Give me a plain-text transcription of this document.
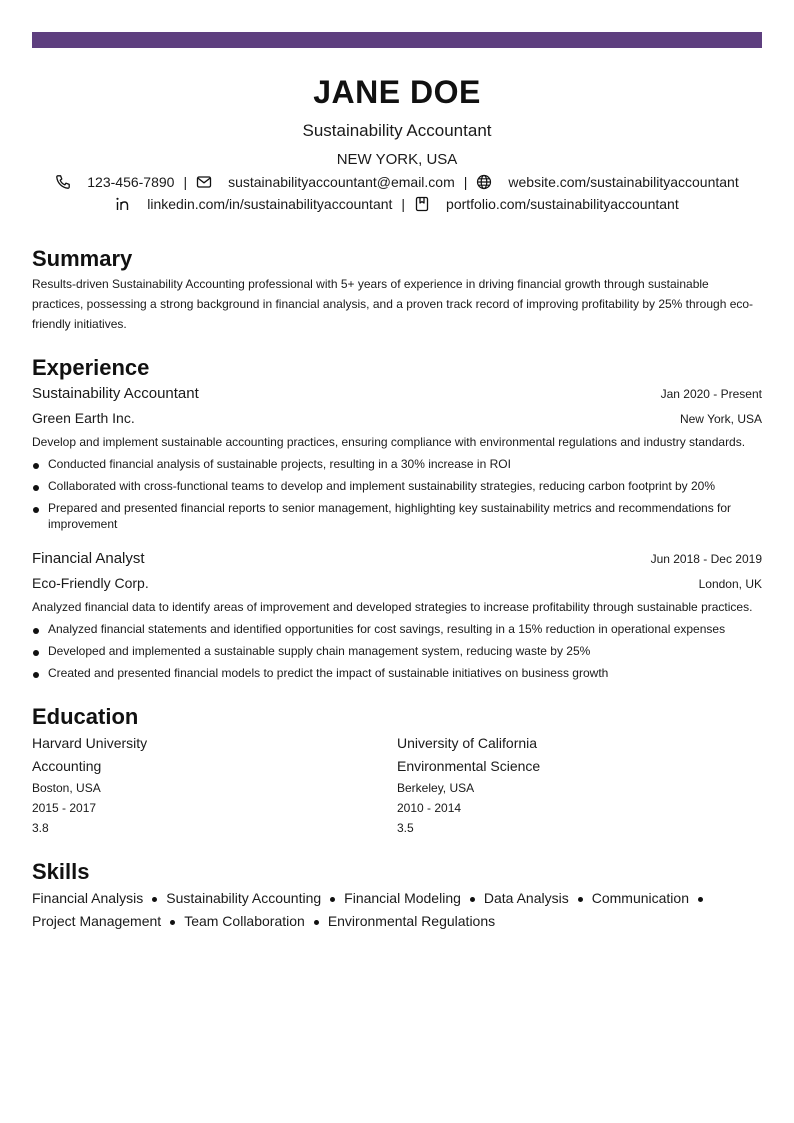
JANE DOE
Sustainability Accountant
NEW YORK, USA
123-456-7890 |	sustainabilityaccountant@email.com |	website.com/sustainabilityaccountant
linkedin.com/in/sustainabilityaccountant |	portfolio.com/sustainabilityaccountant
Summary
Results-driven Sustainability Accounting professional with 5+ years of experience in driving financial growth through sustainable practices, possessing a strong background in financial analysis, and a proven track record of improving profitability by 25% through eco-friendly initiatives.
Experience
Sustainability Accountant	Jan 2020 - Present
Green Earth Inc.	New York, USA
Develop and implement sustainable accounting practices, ensuring compliance with environmental regulations and industry standards.
Conducted financial analysis of sustainable projects, resulting in a 30% increase in ROI
Collaborated with cross-functional teams to develop and implement sustainability strategies, reducing carbon footprint by 20%
Prepared and presented financial reports to senior management, highlighting key sustainability metrics and recommendations for improvement
Financial Analyst	Jun 2018 - Dec 2019
Eco-Friendly Corp.	London, UK
Analyzed financial data to identify areas of improvement and developed strategies to increase profitability through sustainable practices.
Analyzed financial statements and identified opportunities for cost savings, resulting in a 15% reduction in operational expenses
Developed and implemented a sustainable supply chain management system, reducing waste by 25%
Created and presented financial models to predict the impact of sustainable initiatives on business growth
Education
Harvard University
Accounting
Boston, USA
2015 - 2017
3.8
University of California
Environmental Science
Berkeley, USA
2010 - 2014
3.5
Skills
Financial Analysis Sustainability Accounting Financial Modeling Data Analysis CommunicationProject Management Team Collaboration Environmental Regulations
